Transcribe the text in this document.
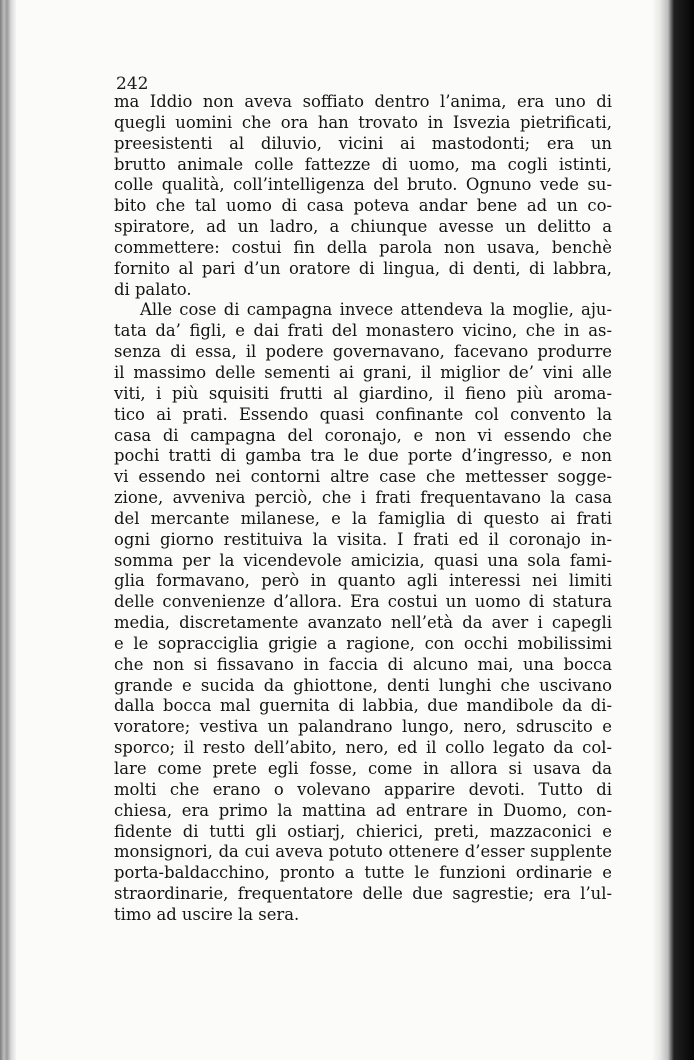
242
ma Iddio non aveva soffiato dentro l’anima, era uno di
quegli uomini che ora han trovato in Isvezia pietrificati,
preesistenti al diluvio, vicini ai mastodonti; era un
brutto animale colle fattezze di uomo, ma cogli istinti,
colle qualità, coll’intelligenza del bruto. Ognuno vede su-
bito che tal uomo di casa poteva andar bene ad un co-
spiratore, ad un ladro, a chiunque avesse un delitto a
commettere: costui fin della parola non usava, benchè
fornito al pari d’un oratore di lingua, di denti, di labbra,
di palato.
Alle cose di campagna invece attendeva la moglie, aju-
tata da’ figli, e dai frati del monastero vicino, che in as-
senza di essa, il podere governavano, facevano produrre
il massimo delle sementi ai grani, il miglior de’ vini alle
viti, i più squisiti frutti al giardino, il fieno più aroma-
tico ai prati. Essendo quasi confinante col convento la
casa di campagna del coronajo, e non vi essendo che
pochi tratti di gamba tra le due porte d’ingresso, e non
vi essendo nei contorni altre case che mettesser sogge-
zione, avveniva perciò, che i frati frequentavano la casa
del mercante milanese, e la famiglia di questo ai frati
ogni giorno restituiva la visita. I frati ed il coronajo in-
somma per la vicendevole amicizia, quasi una sola fami-
glia formavano, però in quanto agli interessi nei limiti
delle convenienze d’allora. Era costui un uomo di statura
media, discretamente avanzato nell’età da aver i capegli
e le sopracciglia grigie a ragione, con occhi mobilissimi
che non si fissavano in faccia di alcuno mai, una bocca
grande e sucida da ghiottone, denti lunghi che uscivano
dalla bocca mal guernita di labbia, due mandibole da di-
voratore; vestiva un palandrano lungo, nero, sdruscito e
sporco; il resto dell’abito, nero, ed il collo legato da col-
lare come prete egli fosse, come in allora si usava da
molti che erano o volevano apparire devoti. Tutto di
chiesa, era primo la mattina ad entrare in Duomo, con-
fidente di tutti gli ostiarj, chierici, preti, mazzaconici e
monsignori, da cui aveva potuto ottenere d’esser supplente
porta-baldacchino, pronto a tutte le funzioni ordinarie e
straordinarie, frequentatore delle due sagrestie; era l’ul-
timo ad uscire la sera.
